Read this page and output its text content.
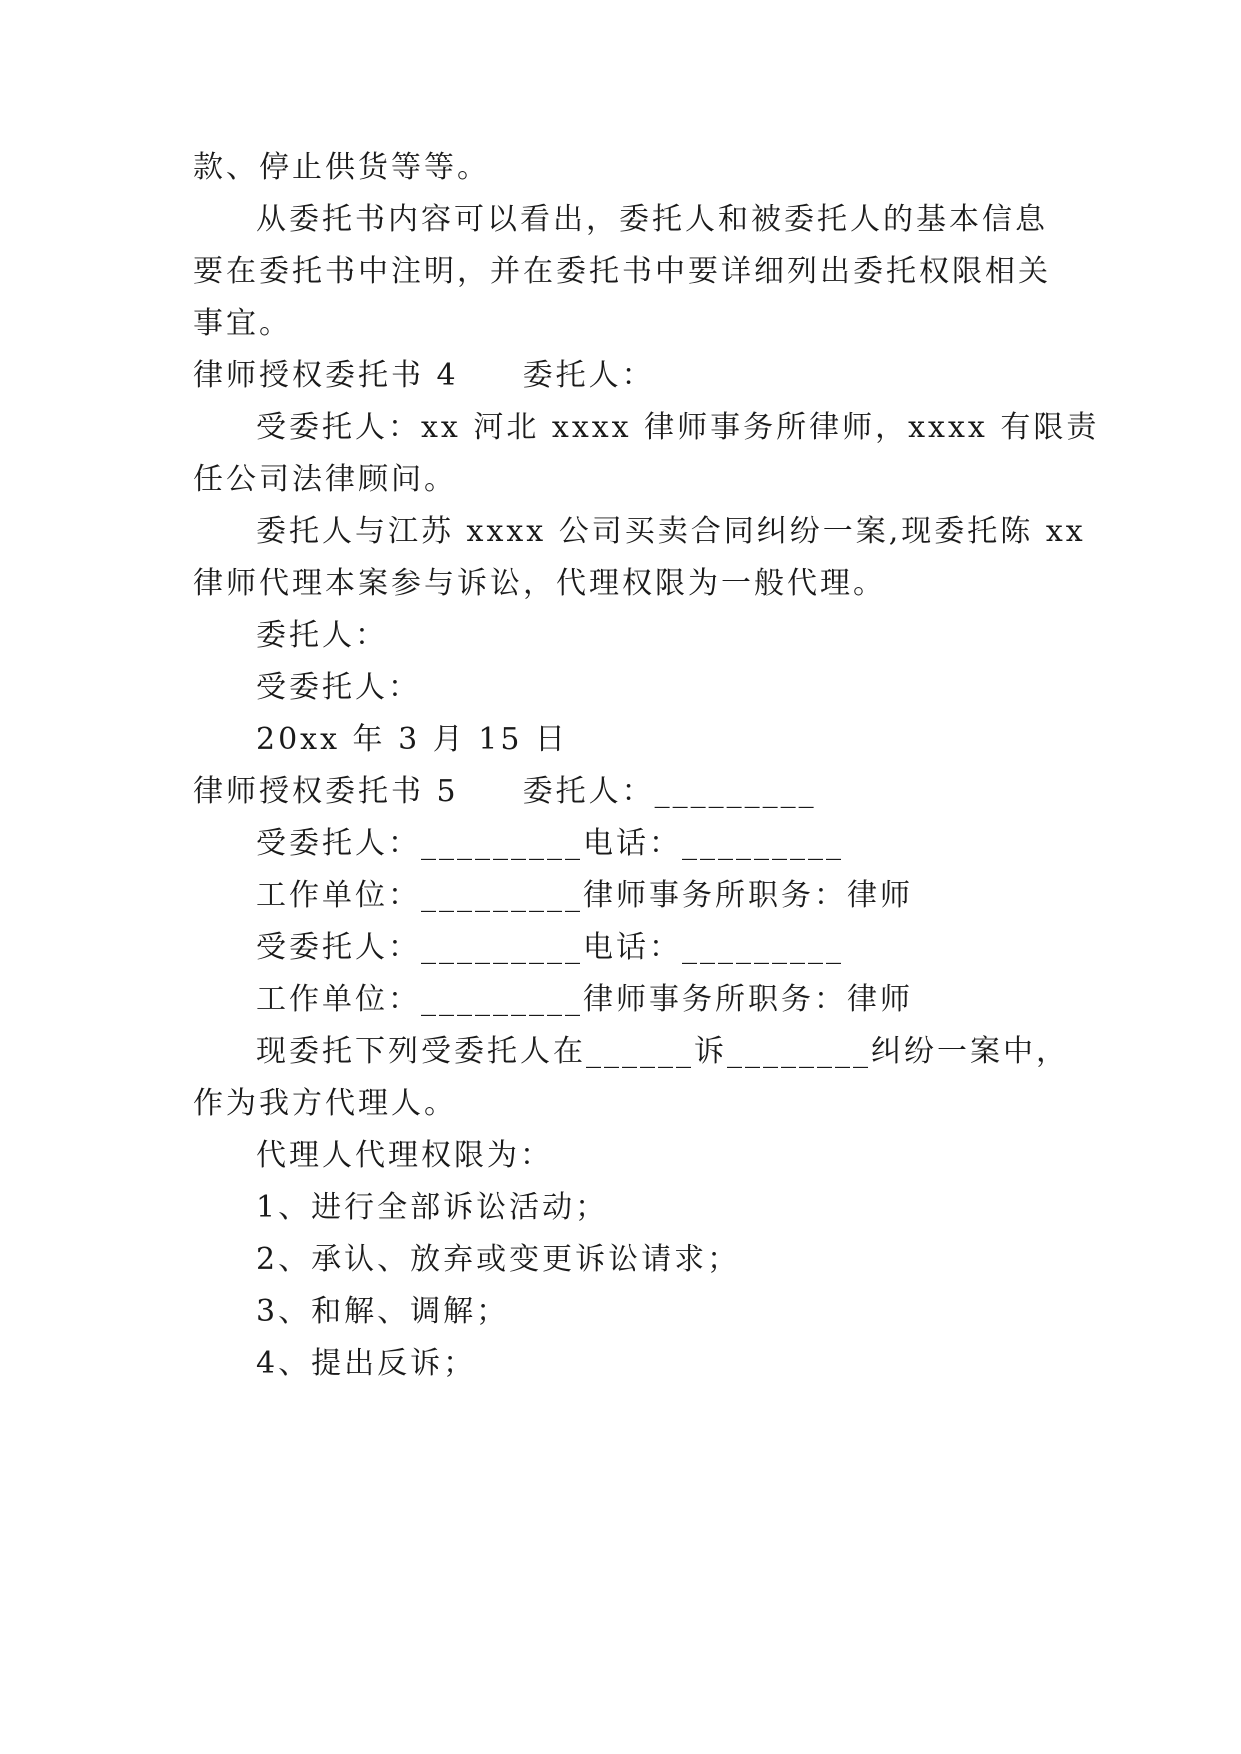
款、停止供货等等。
从委托书内容可以看出，委托人和被委托人的基本信息
要在委托书中注明，并在委托书中要详细列出委托权限相关
事宜。
律师授权委托书 4 委托人：
受委托人：xx 河北 xxxx 律师事务所律师，xxxx 有限责
任公司法律顾问。
委托人与江苏 xxxx 公司买卖合同纠纷一案,现委托陈 xx
律师代理本案参与诉讼，代理权限为一般代理。
委托人：
受委托人：
20xx 年 3 月 15 日
律师授权委托书 5 委托人：_________
受委托人：_________电话：_________
工作单位：_________律师事务所职务：律师
受委托人：_________电话：_________
工作单位：_________律师事务所职务：律师
现委托下列受委托人在______诉________纠纷一案中，
作为我方代理人。
代理人代理权限为：
1、进行全部诉讼活动；
2、承认、放弃或变更诉讼请求；
3、和解、调解；
4、提出反诉；
